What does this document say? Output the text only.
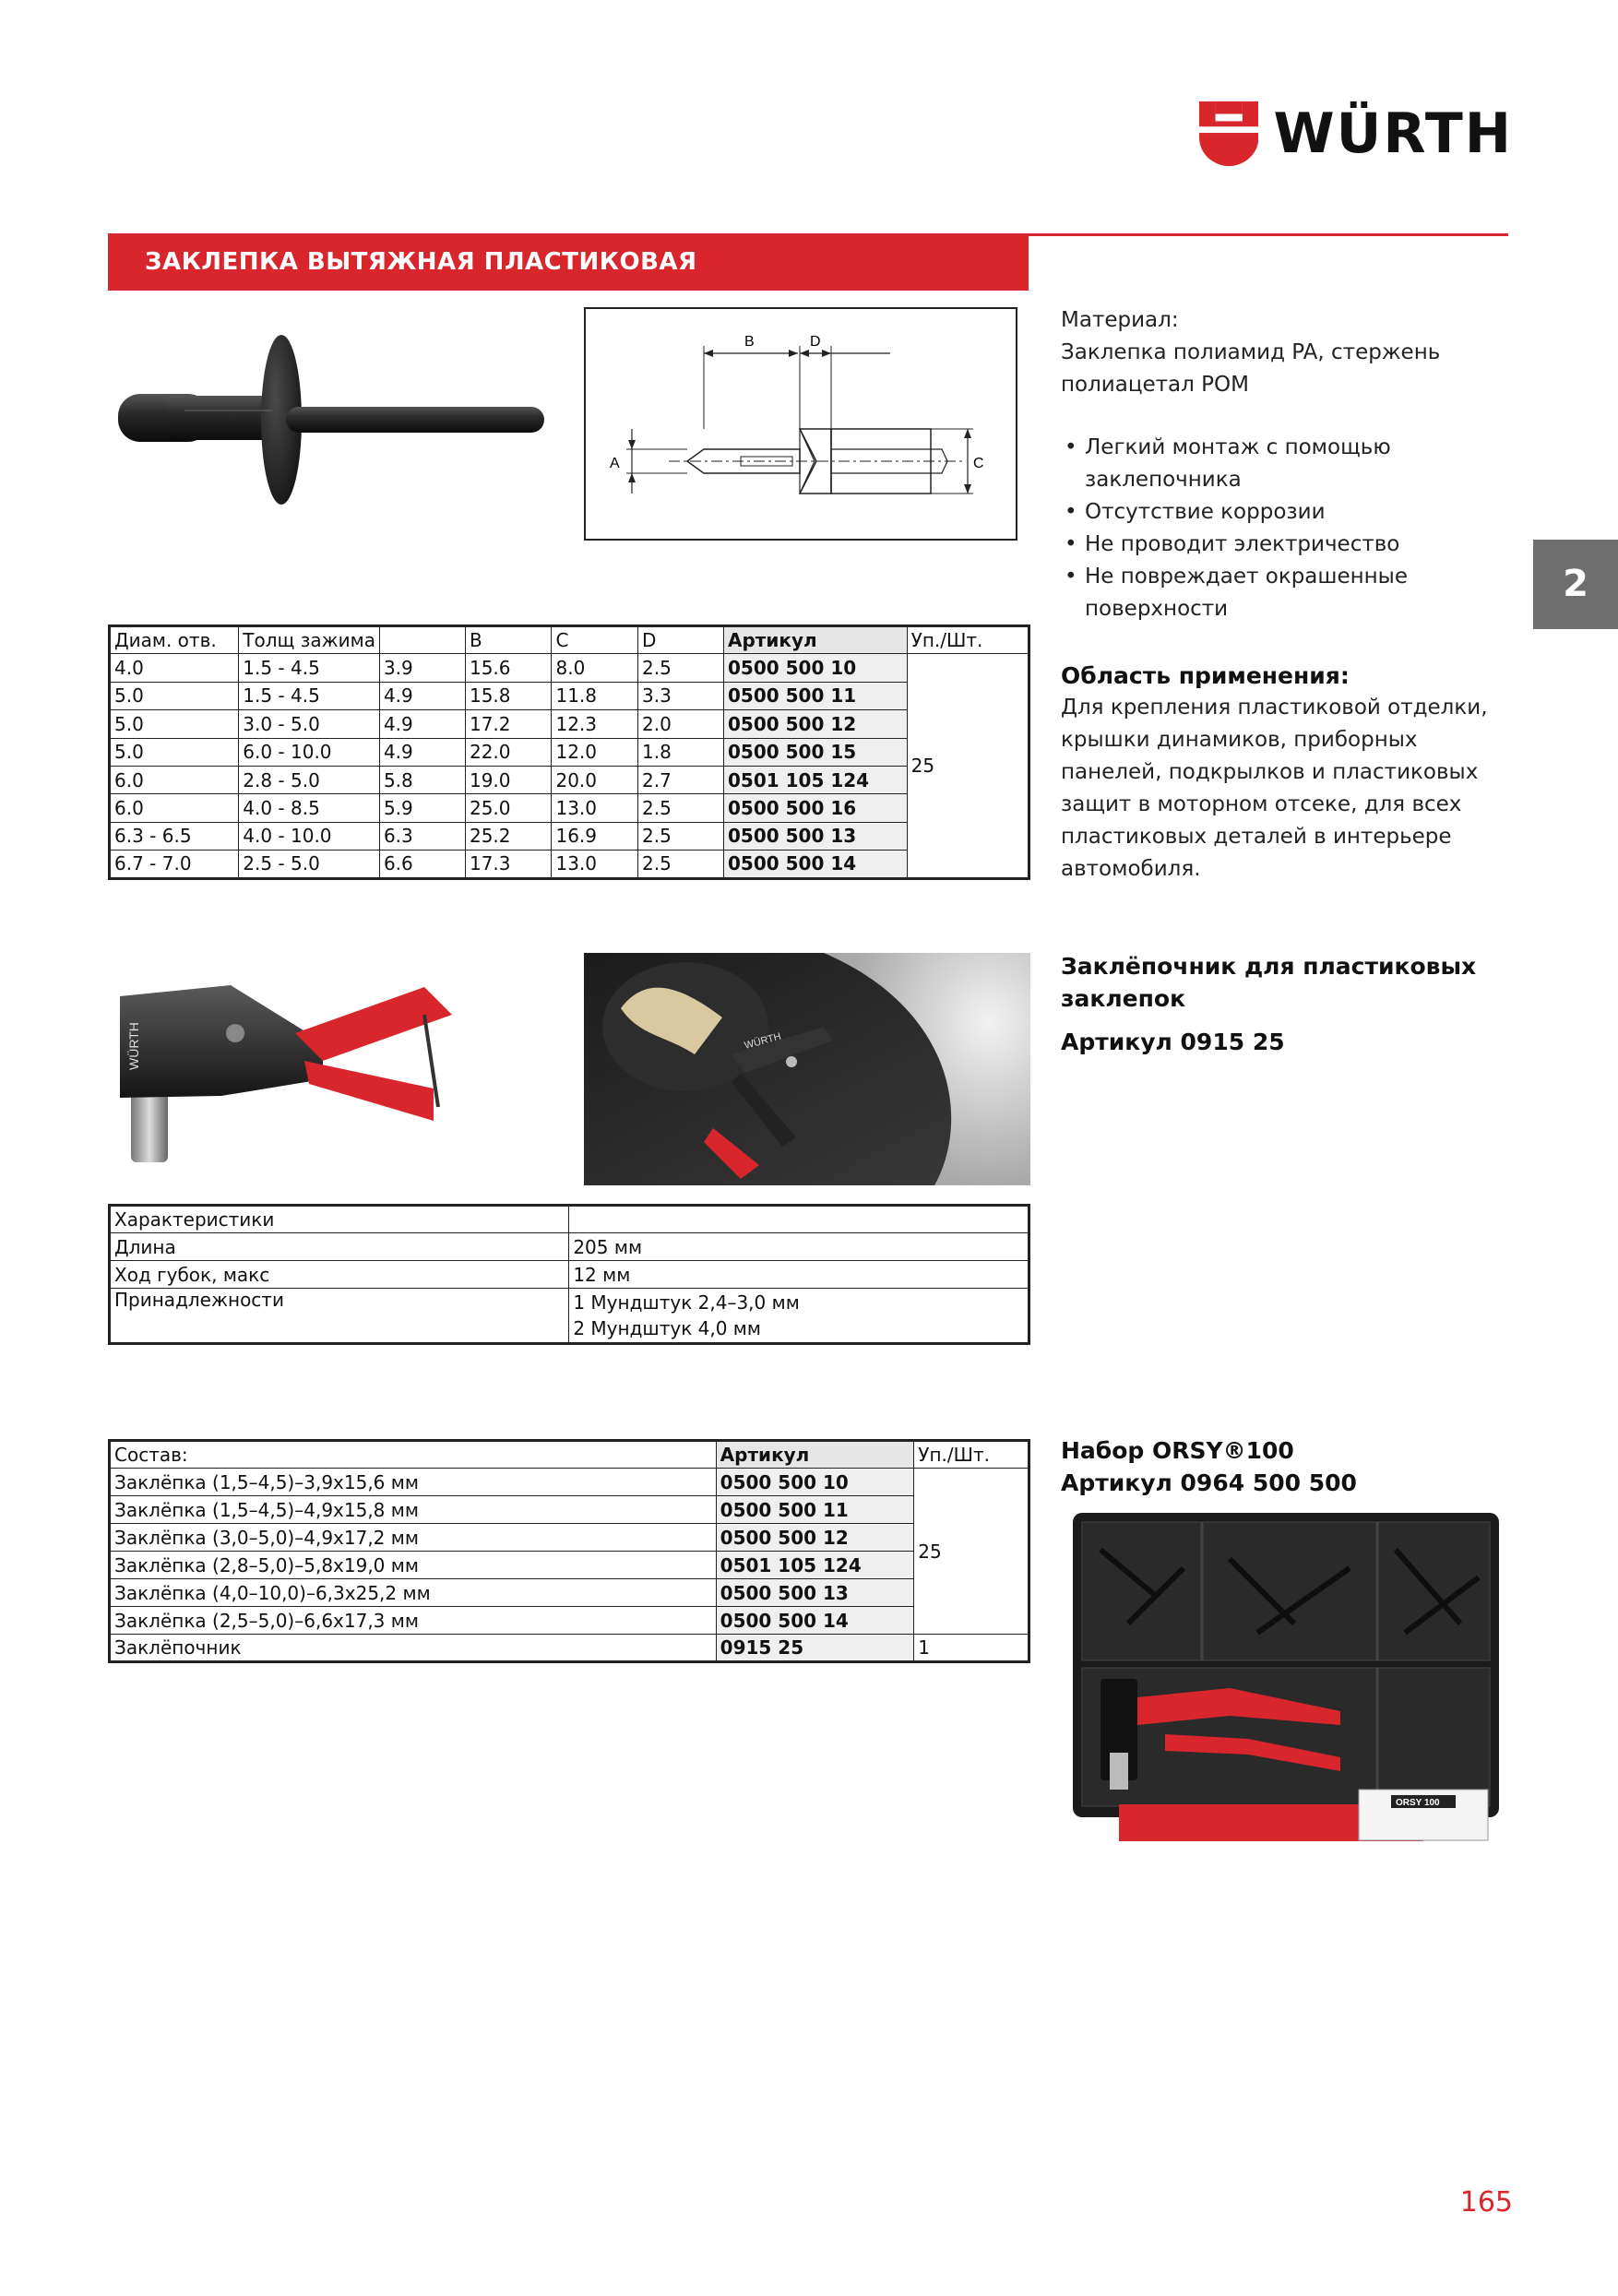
WÜRTH
ЗАКЛЕПКА ВЫТЯЖНАЯ ПЛАСТИКОВАЯ
2
B	D
A	C
Материал:
Заклепка полиамид PA, стержень полиацетал POM
• Легкий монтаж с помощью заклепочника
• Отсутствие коррозии
• Не проводит электричество
• Не повреждает окрашенные поверхности
Область применения:
Для крепления пластиковой отделки, крышки динамиков, приборных панелей, подкрылков и пластиковых защит в моторном отсеке, для всех пластиковых деталей в интерьере автомобиля.
Диам. отв.	Толщ зажима		B	C	D	Артикул	Уп./Шт.
4.0	1.5 - 4.5	3.9	15.6	8.0	2.5	0500 500 10	25
5.0	1.5 - 4.5	4.9	15.8	11.8	3.3	0500 500 11	
5.0	3.0 - 5.0	4.9	17.2	12.3	2.0	0500 500 12	
5.0	6.0 - 10.0	4.9	22.0	12.0	1.8	0500 500 15	
6.0	2.8 - 5.0	5.8	19.0	20.0	2.7	0501 105 124	
6.0	4.0 - 8.5	5.9	25.0	13.0	2.5	0500 500 16	
6.3 - 6.5	4.0 - 10.0	6.3	25.2	16.9	2.5	0500 500 13	
6.7 - 7.0	2.5 - 5.0	6.6	17.3	13.0	2.5	0500 500 14	
WÜRTH	WÜRTH
Заклёпочник для пластиковых заклепок
Артикул 0915 25
Характеристики	
Длина	205 мм
Ход губок, макс	12 мм
Принадлежности	1 Мундштук 2,4–3,0 мм
2 Мундштук 4,0 мм
Состав:	Артикул	Уп./Шт.
Заклёпка (1,5–4,5)–3,9x15,6 мм	0500 500 10	25
Заклёпка (1,5–4,5)–4,9x15,8 мм	0500 500 11	
Заклёпка (3,0–5,0)–4,9x17,2 мм	0500 500 12	
Заклёпка (2,8–5,0)–5,8x19,0 мм	0501 105 124	
Заклёпка (4,0–10,0)–6,3x25,2 мм	0500 500 13	
Заклёпка (2,5–5,0)–6,6x17,3 мм	0500 500 14	
Заклёпочник	0915 25	1
Набор ORSY®100
Артикул 0964 500 500
ORSY 100
165
